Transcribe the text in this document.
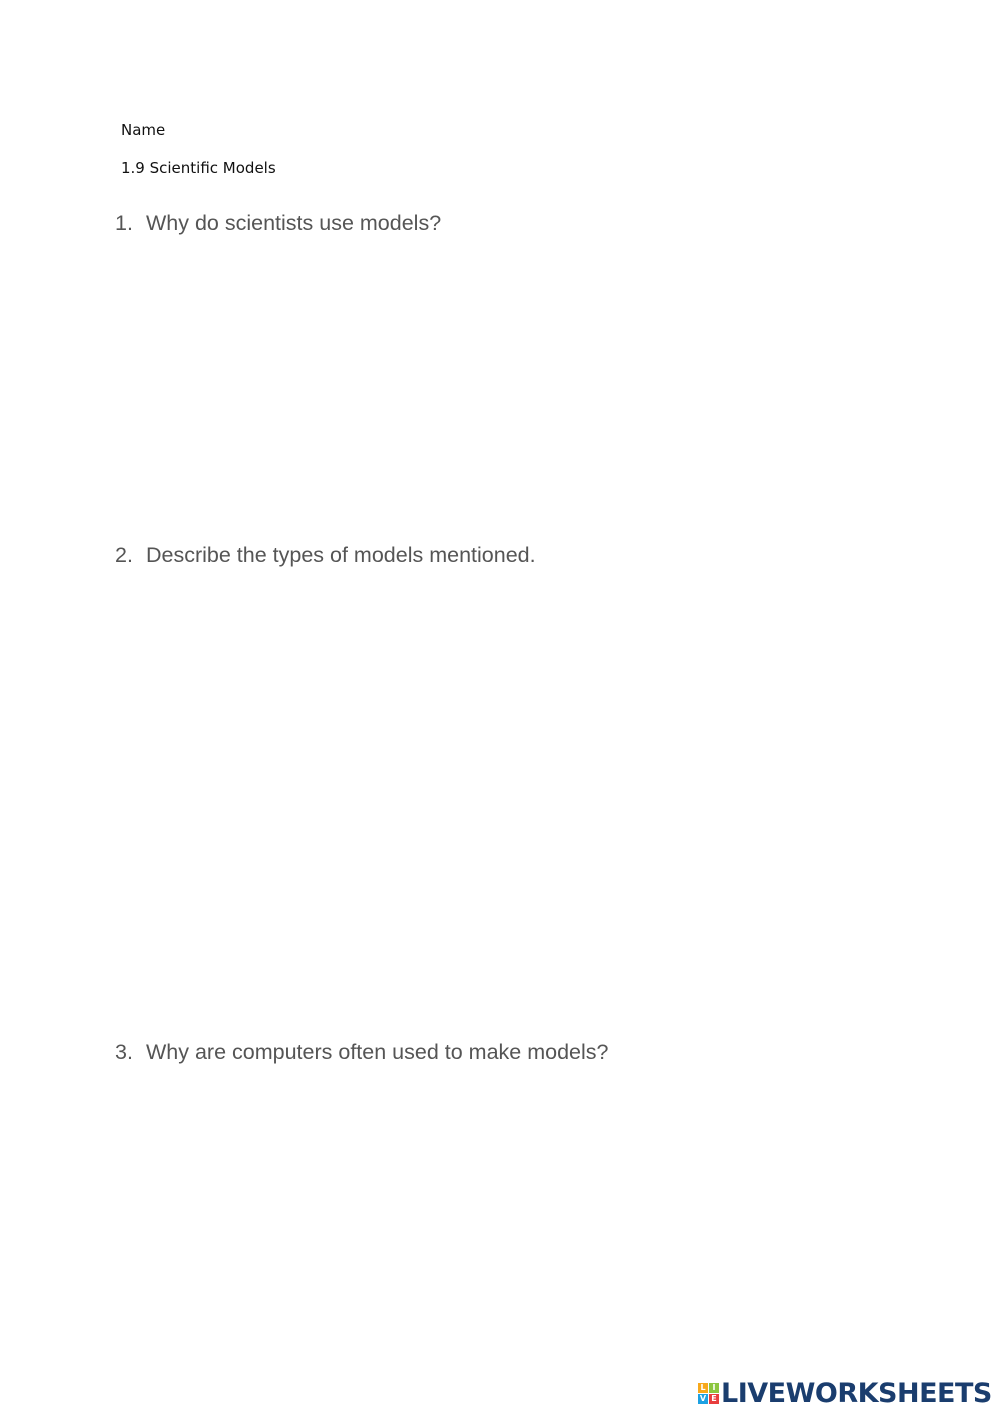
Name
1.9 Scientific Models
1. Why do scientists use models?
2. Describe the types of models mentioned.
3. Why are computers often used to make models?
L I
V E LIVEWORKSHEETS
